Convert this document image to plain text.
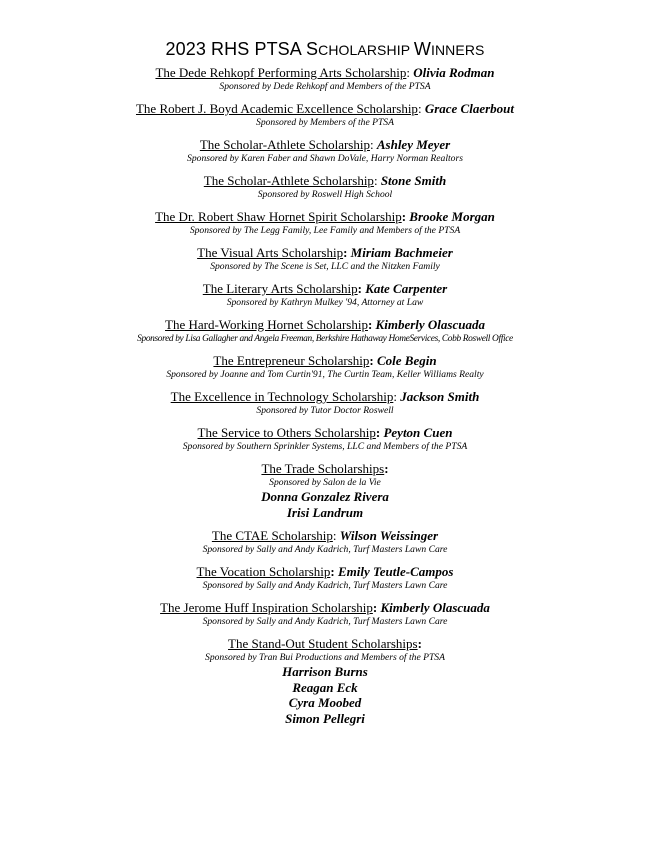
2023 RHS PTSA SCHOLARSHIP WINNERS
The Dede Rehkopf Performing Arts Scholarship: Olivia Rodman
Sponsored by Dede Rehkopf and Members of the PTSA
The Robert J. Boyd Academic Excellence Scholarship: Grace Claerbout
Sponsored by Members of the PTSA
The Scholar-Athlete Scholarship: Ashley Meyer
Sponsored by Karen Faber and Shawn DoVale, Harry Norman Realtors
The Scholar-Athlete Scholarship: Stone Smith
Sponsored by Roswell High School
The Dr. Robert Shaw Hornet Spirit Scholarship: Brooke Morgan
Sponsored by The Legg Family, Lee Family and Members of the PTSA
The Visual Arts Scholarship: Miriam Bachmeier
Sponsored by The Scene is Set, LLC and the Nitzken Family
The Literary Arts Scholarship: Kate Carpenter
Sponsored by Kathryn Mulkey '94, Attorney at Law
The Hard-Working Hornet Scholarship: Kimberly Olascuada
Sponsored by Lisa Gallagher and Angela Freeman, Berkshire Hathaway HomeServices, Cobb Roswell Office
The Entrepreneur Scholarship: Cole Begin
Sponsored by Joanne and Tom Curtin'91, The Curtin Team, Keller Williams Realty
The Excellence in Technology Scholarship: Jackson Smith
Sponsored by Tutor Doctor Roswell
The Service to Others Scholarship: Peyton Cuen
Sponsored by Southern Sprinkler Systems, LLC and Members of the PTSA
The Trade Scholarships:
Sponsored by Salon de la Vie
Donna Gonzalez Rivera
Irisi Landrum
The CTAE Scholarship: Wilson Weissinger
Sponsored by Sally and Andy Kadrich, Turf Masters Lawn Care
The Vocation Scholarship: Emily Teutle-Campos
Sponsored by Sally and Andy Kadrich, Turf Masters Lawn Care
The Jerome Huff Inspiration Scholarship: Kimberly Olascuada
Sponsored by Sally and Andy Kadrich, Turf Masters Lawn Care
The Stand-Out Student Scholarships:
Sponsored by Tran Bui Productions and Members of the PTSA
Harrison Burns
Reagan Eck
Cyra Moobed
Simon Pellegri
